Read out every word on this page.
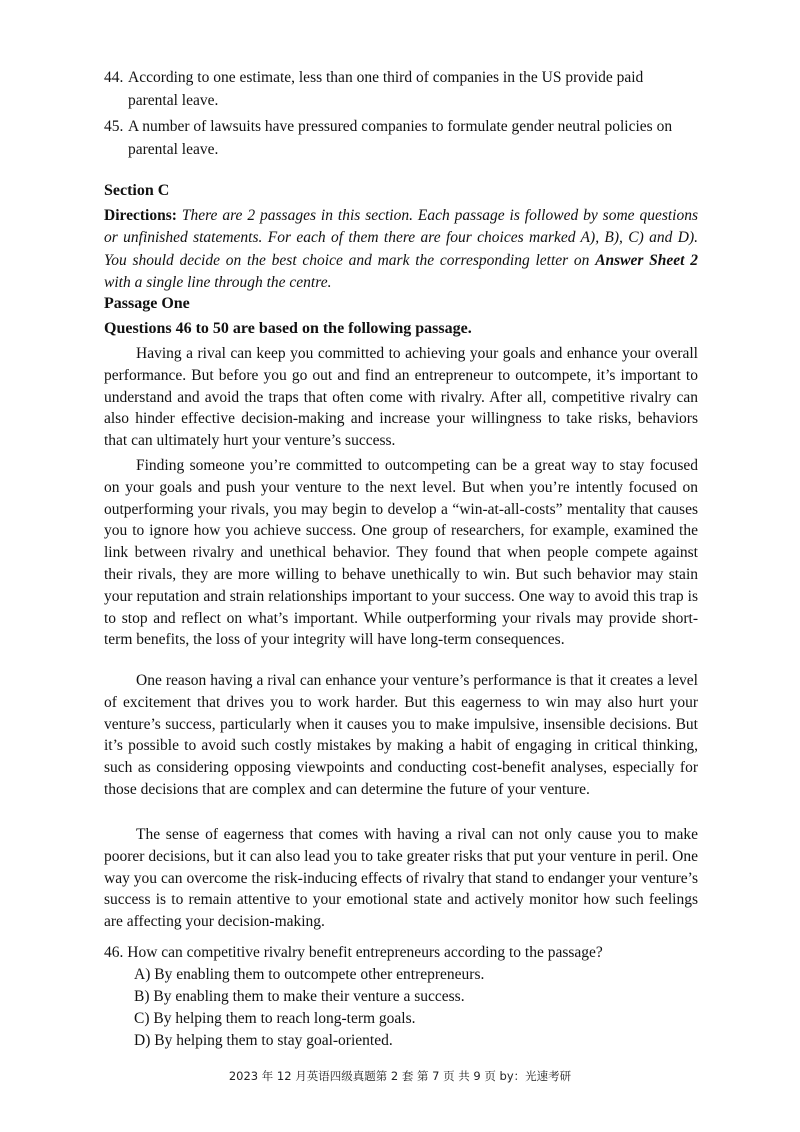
44. According to one estimate, less than one third of companies in the US provide paid
parental leave.
45. A number of lawsuits have pressured companies to formulate gender neutral policies on
parental leave.
Section C
Directions: There are 2 passages in this section. Each passage is followed by some questions or unfinished statements. For each of them there are four choices marked A), B), C) and D). You should decide on the best choice and mark the corresponding letter on Answer Sheet 2 with a single line through the centre.
Passage One
Questions 46 to 50 are based on the following passage.
Having a rival can keep you committed to achieving your goals and enhance your overall performance. But before you go out and find an entrepreneur to outcompete, it’s important to understand and avoid the traps that often come with rivalry. After all, competitive rivalry can also hinder effective decision-making and increase your willingness to take risks, behaviors that can ultimately hurt your venture’s success.
Finding someone you’re committed to outcompeting can be a great way to stay focused on your goals and push your venture to the next level. But when you’re intently focused on outperforming your rivals, you may begin to develop a “win-at-all-costs” mentality that causes you to ignore how you achieve success. One group of researchers, for example, examined the link between rivalry and unethical behavior. They found that when people compete against their rivals, they are more willing to behave unethically to win. But such behavior may stain your reputation and strain relationships important to your success. One way to avoid this trap is to stop and reflect on what’s important. While outperforming your rivals may provide short-term benefits, the loss of your integrity will have long-term consequences.
One reason having a rival can enhance your venture’s performance is that it creates a level of excitement that drives you to work harder. But this eagerness to win may also hurt your venture’s success, particularly when it causes you to make impulsive, insensible decisions. But it’s possible to avoid such costly mistakes by making a habit of engaging in critical thinking, such as considering opposing viewpoints and conducting cost-benefit analyses, especially for those decisions that are complex and can determine the future of your venture.
The sense of eagerness that comes with having a rival can not only cause you to make poorer decisions, but it can also lead you to take greater risks that put your venture in peril. One way you can overcome the risk-inducing effects of rivalry that stand to endanger your venture’s success is to remain attentive to your emotional state and actively monitor how such feelings are affecting your decision-making.
46. How can competitive rivalry benefit entrepreneurs according to the passage?
A) By enabling them to outcompete other entrepreneurs.
B) By enabling them to make their venture a success.
C) By helping them to reach long-term goals.
D) By helping them to stay goal-oriented.
2023 年 12 月英语四级真题第 2 套 第 7 页 共 9 页 by：光速考研
